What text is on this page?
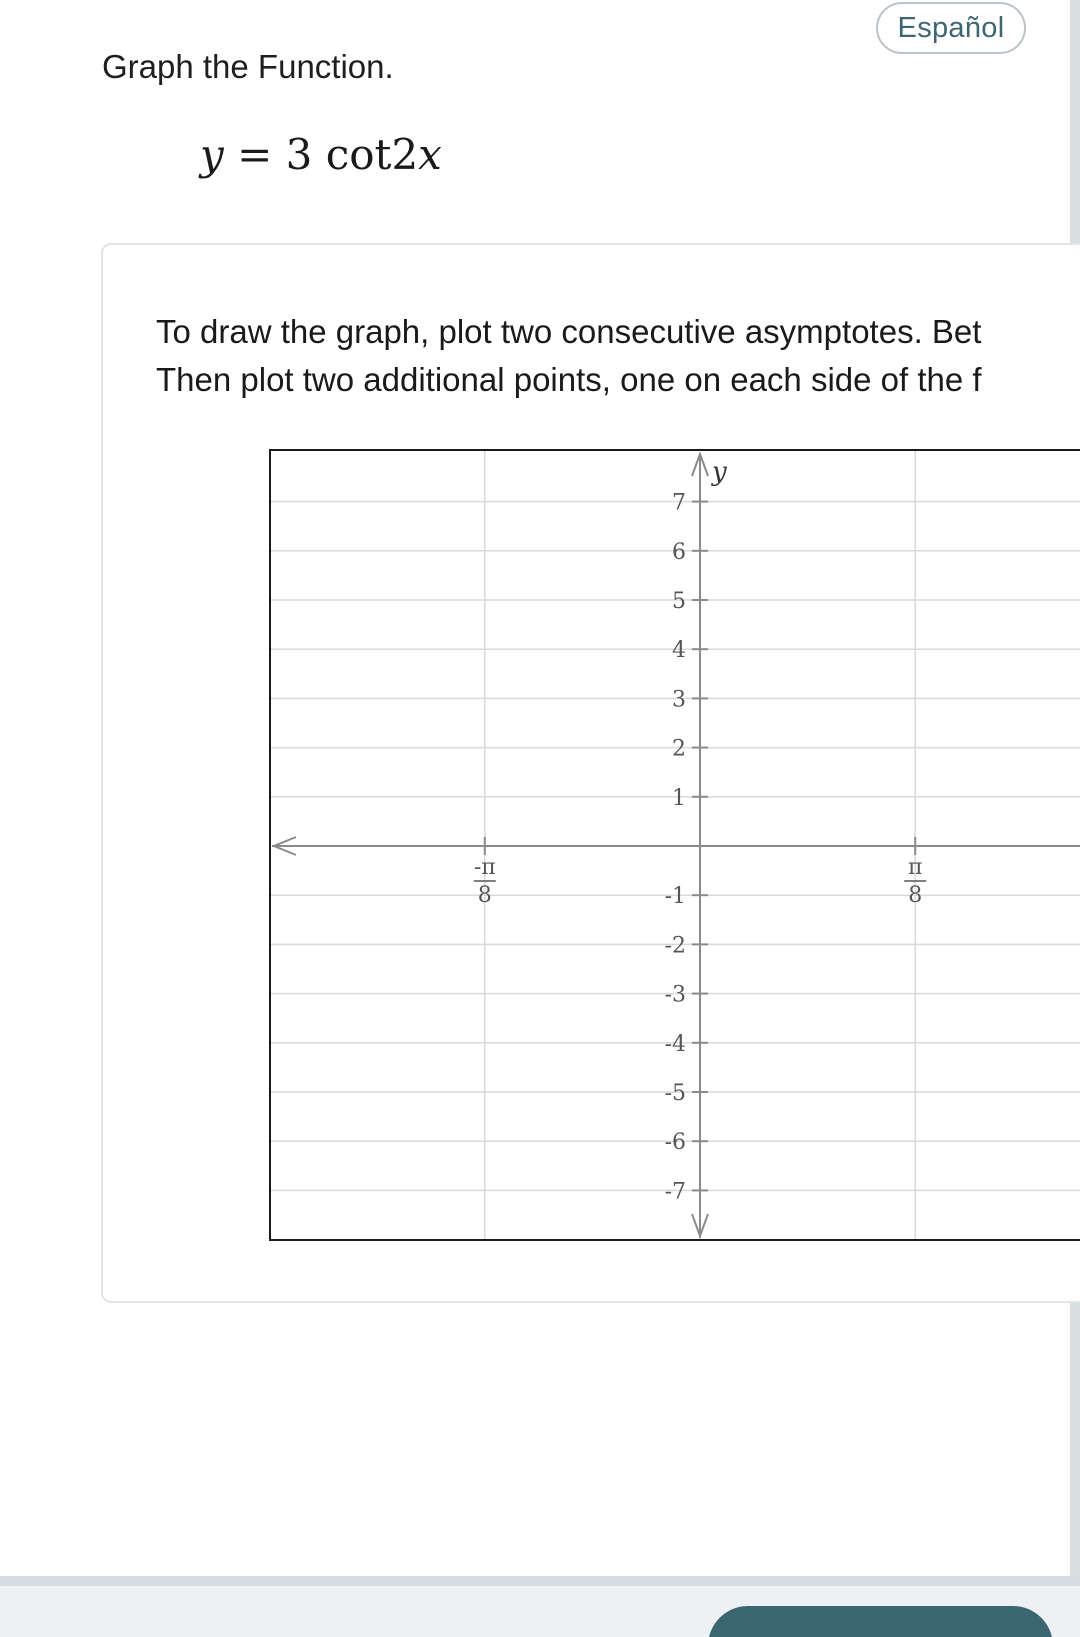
Español
Graph the Function.
y = 3 cot2x
To draw the graph, plot two consecutive asymptotes. Bet
Then plot two additional points, one on each side of the f
y
7
6
5
4
3
2
1
-1
-2
-3
-4
-5
-6
-7
-π
8
π
8
